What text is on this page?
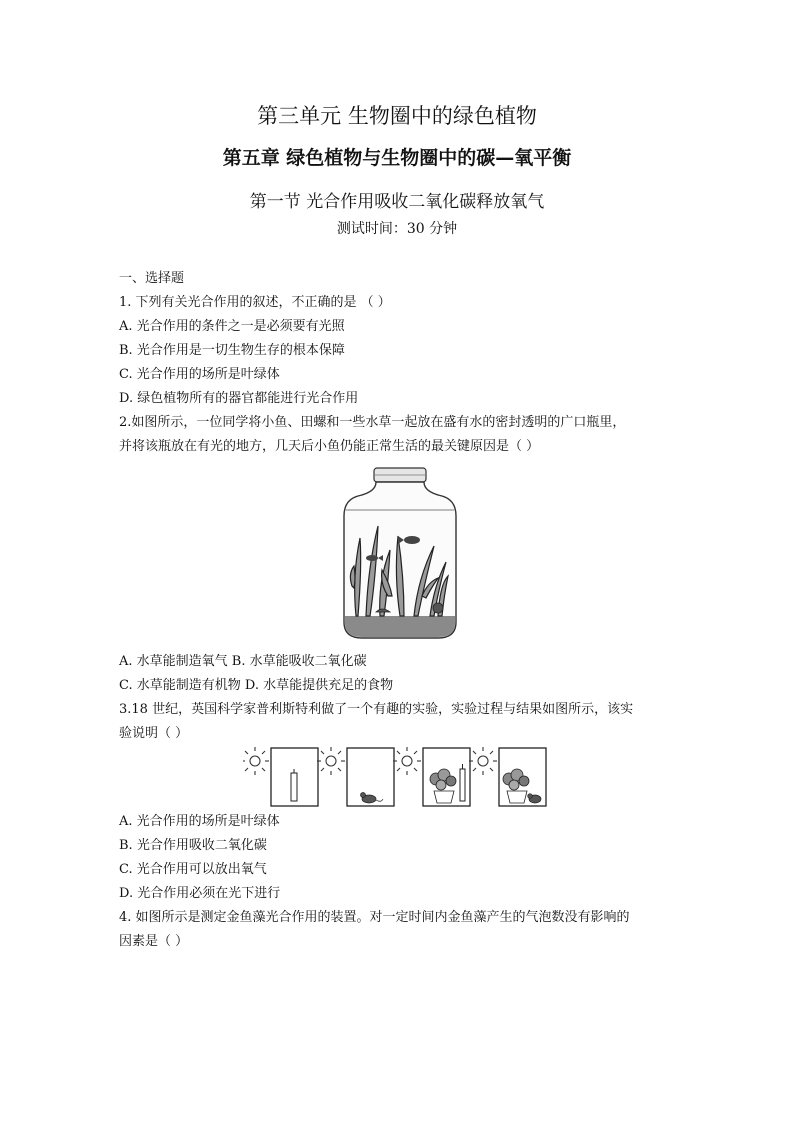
第三单元 生物圈中的绿色植物
第五章 绿色植物与生物圈中的碳—氧平衡
第一节 光合作用吸收二氧化碳释放氧气
测试时间：30 分钟
一、选择题
1. 下列有关光合作用的叙述，不正确的是 （ ）
A. 光合作用的条件之一是必须要有光照
B. 光合作用是一切生物生存的根本保障
C. 光合作用的场所是叶绿体
D. 绿色植物所有的器官都能进行光合作用
2.如图所示，一位同学将小鱼、田螺和一些水草一起放在盛有水的密封透明的广口瓶里，
并将该瓶放在有光的地方，几天后小鱼仍能正常生活的最关键原因是（ ）
A. 水草能制造氧气 B. 水草能吸收二氧化碳
C. 水草能制造有机物 D. 水草能提供充足的食物
3.18 世纪，英国科学家普利斯特利做了一个有趣的实验，实验过程与结果如图所示，该实
验说明（ ）
A. 光合作用的场所是叶绿体
B. 光合作用吸收二氧化碳
C. 光合作用可以放出氧气
D. 光合作用必须在光下进行
4. 如图所示是测定金鱼藻光合作用的装置。对一定时间内金鱼藻产生的气泡数没有影响的
因素是（ ）
